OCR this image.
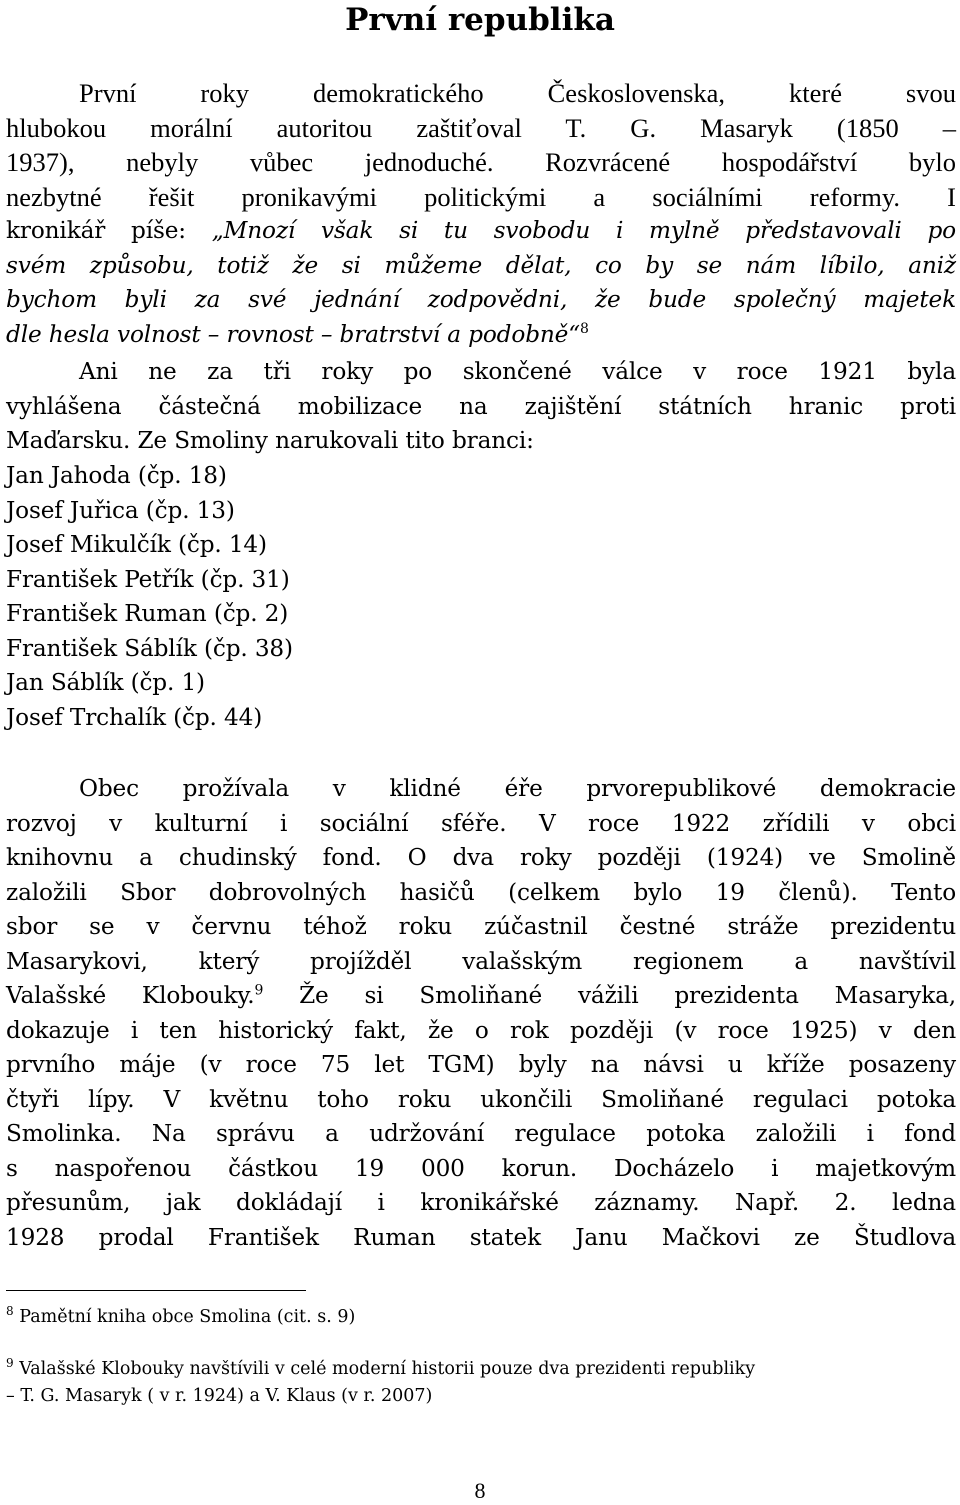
První republika
První roky demokratického Československa, které svou
hlubokou morální autoritou zaštiťoval T. G. Masaryk (1850 –
1937), nebyly vůbec jednoduché. Rozvrácené hospodářství bylo
nezbytné řešit pronikavými politickými a sociálními reformy. I
kronikář píše: „Mnozí však si tu svobodu i mylně představovali po
svém způsobu, totiž že si můžeme dělat, co by se nám líbilo, aniž
bychom byli za své jednání zodpovědni, že bude společný majetek
dle hesla volnost – rovnost – bratrství a podobně“$^8$
Ani ne za tři roky po skončené válce v roce 1921 byla
vyhlášena částečná mobilizace na zajištění státních hranic proti
Maďarsku. Ze Smoliny narukovali tito branci:
Jan Jahoda (čp. 18)
Josef Juřica (čp. 13)
Josef Mikulčík (čp. 14)
František Petřík (čp. 31)
František Ruman (čp. 2)
František Sáblík (čp. 38)
Jan Sáblík (čp. 1)
Josef Trchalík (čp. 44)
Obec prožívala v klidné éře prvorepublikové demokracie
rozvoj v kulturní i sociální sféře. V roce 1922 zřídili v obci
knihovnu a chudinský fond. O dva roky později (1924) ve Smolině
založili Sbor dobrovolných hasičů (celkem bylo 19 členů). Tento
sbor se v červnu téhož roku zúčastnil čestné stráže prezidentu
Masarykovi, který projížděl valašským regionem a navštívil
Valašské Klobouky.$^9$ Že si Smoliňané vážili prezidenta Masaryka,
dokazuje i ten historický fakt, že o rok později (v roce 1925) v den
prvního máje (v roce 75 let TGM) byly na návsi u kříže posazeny
čtyři lípy. V květnu toho roku ukončili Smoliňané regulaci potoka
Smolinka. Na správu a udržování regulace potoka založili i fond
s naspořenou částkou 19 000 korun. Docházelo i majetkovým
přesunům, jak dokládají i kronikářské záznamy. Např. 2. ledna
1928 prodal František Ruman statek Janu Mačkovi ze Študlova
$^8$ Pamětní kniha obce Smolina (cit. s. 9)
$^9$ Valašské Klobouky navštívili v celé moderní historii pouze dva prezidenti republiky
– T. G. Masaryk ( v r. 1924) a V. Klaus (v r. 2007)
8
